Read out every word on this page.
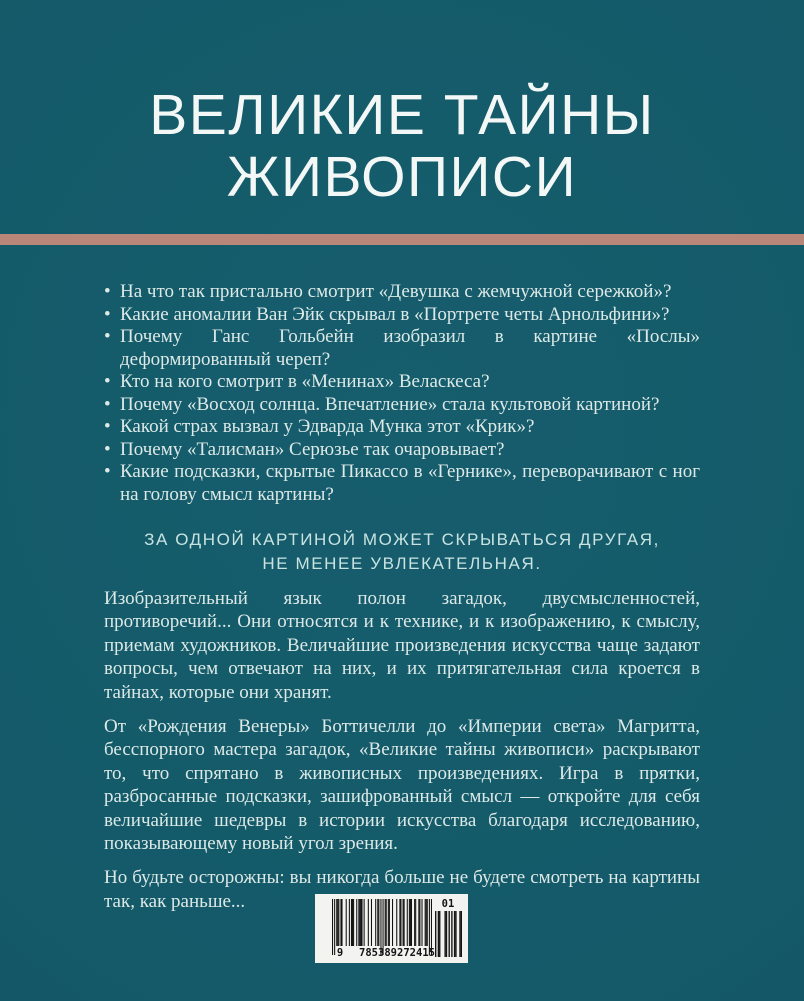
ВЕЛИКИЕ ТАЙНЫ
ЖИВОПИСИ
• На что так пристально смотрит «Девушка с жемчужной сережкой»?
• Какие аномалии Ван Эйк скрывал в «Портрете четы Арнольфини»?
• Почему Ганс Гольбейн изобразил в картине «Послы» деформированный череп?
• Кто на кого смотрит в «Менинах» Веласкеса?
• Почему «Восход солнца. Впечатление» стала культовой картиной?
• Какой страх вызвал у Эдварда Мунка этот «Крик»?
• Почему «Талисман» Серюзье так очаровывает?
• Какие подсказки, скрытые Пикассо в «Гернике», переворачивают с ног на голову смысл картины?
ЗА ОДНОЙ КАРТИНОЙ МОЖЕТ СКРЫВАТЬСЯ ДРУГАЯ,
НЕ МЕНЕЕ УВЛЕКАТЕЛЬНАЯ.

Изобразительный язык полон загадок, двусмысленностей, противоречий... Они относятся и к технике, и к изображению, к смыслу, приемам художников. Величайшие произведения искусства чаще задают вопросы, чем отвечают на них, и их притягательная сила кроется в тайнах, которые они хранят.

От «Рождения Венеры» Боттичелли до «Империи света» Магритта, бесспорного мастера загадок, «Великие тайны живописи» раскрывают то, что спрятано в живописных произведениях. Игра в прятки, разбросанные подсказки, зашифрованный смысл — откройте для себя величайшие шедевры в истории искусства благодаря исследованию, показывающему новый угол зрения.

Но будьте осторожны: вы никогда больше не будете смотреть на картины так, как раньше...

9	785389 272415
01
